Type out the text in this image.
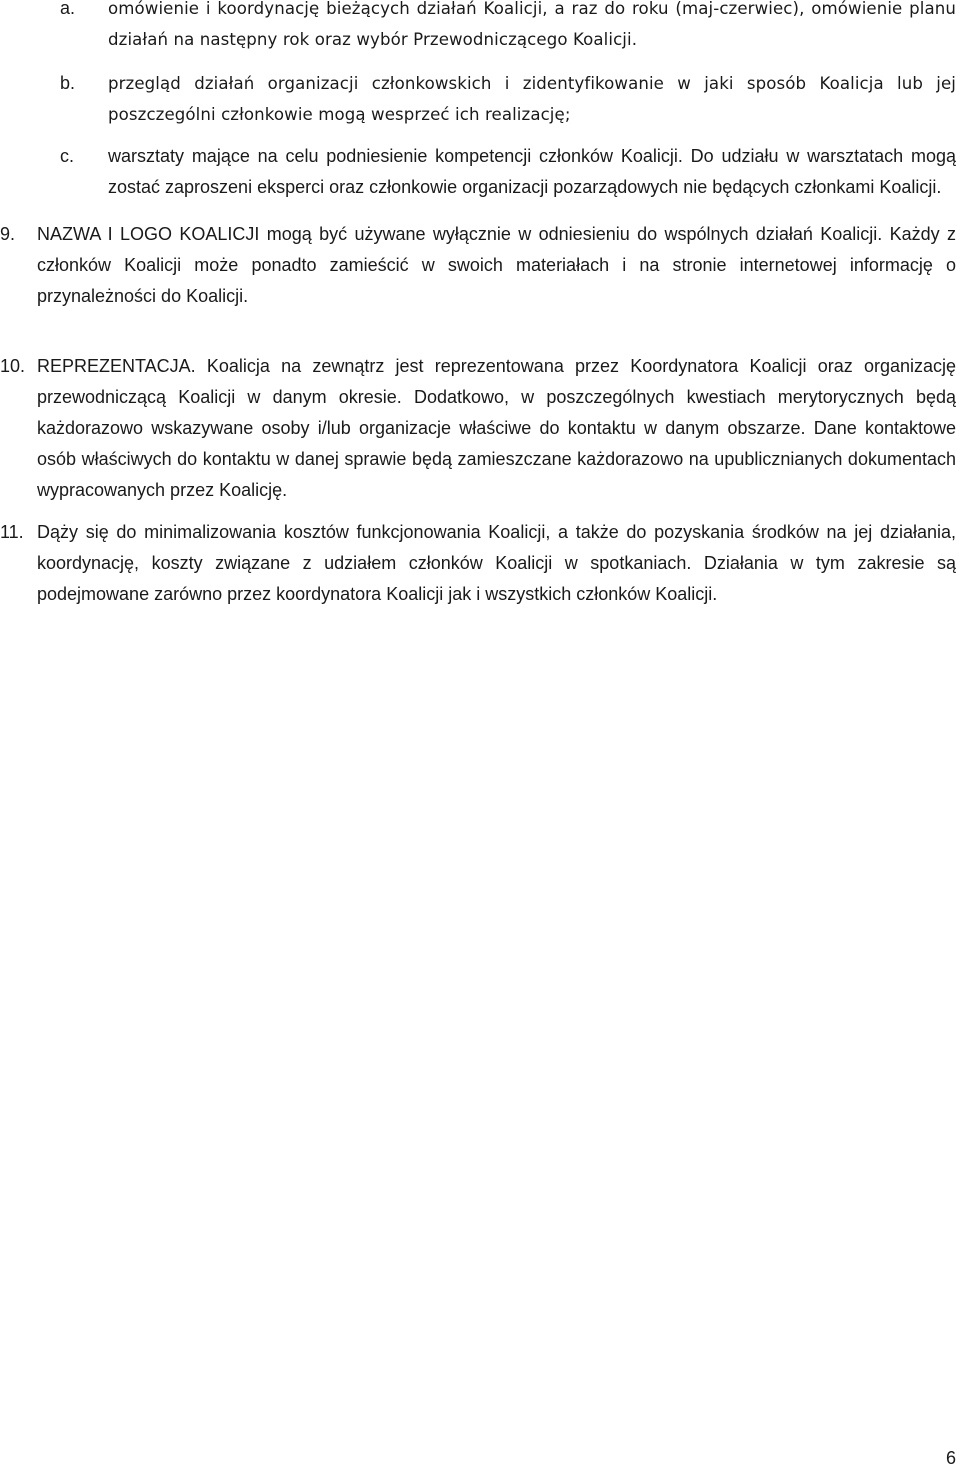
a. omówienie i koordynację bieżących działań Koalicji, a raz do roku (maj-czerwiec), omówienie planu działań na następny rok oraz wybór Przewodniczącego Koalicji.
b. przegląd działań organizacji członkowskich i zidentyfikowanie w jaki sposób Koalicja lub jej poszczególni członkowie mogą wesprzeć ich realizację;
c. warsztaty mające na celu podniesienie kompetencji członków Koalicji. Do udziału w warsztatach mogą zostać zaproszeni eksperci oraz członkowie organizacji pozarządowych nie będących członkami Koalicji.
9. NAZWA I LOGO KOALICJI mogą być używane wyłącznie w odniesieniu do wspólnych działań Koalicji. Każdy z członków Koalicji może ponadto zamieścić w swoich materiałach i na stronie internetowej informację o przynależności do Koalicji.
10. REPREZENTACJA. Koalicja na zewnątrz jest reprezentowana przez Koordynatora Koalicji oraz organizację przewodniczącą Koalicji w danym okresie. Dodatkowo, w poszczególnych kwestiach merytorycznych będą każdorazowo wskazywane osoby i/lub organizacje właściwe do kontaktu w danym obszarze. Dane kontaktowe osób właściwych do kontaktu w danej sprawie będą zamieszczane każdorazowo na upublicznianych dokumentach wypracowanych przez Koalicję.
11. Dąży się do minimalizowania kosztów funkcjonowania Koalicji, a także do pozyskania środków na jej działania, koordynację, koszty związane z udziałem członków Koalicji w spotkaniach. Działania w tym zakresie są podejmowane zarówno przez koordynatora Koalicji jak i wszystkich członków Koalicji.
6
